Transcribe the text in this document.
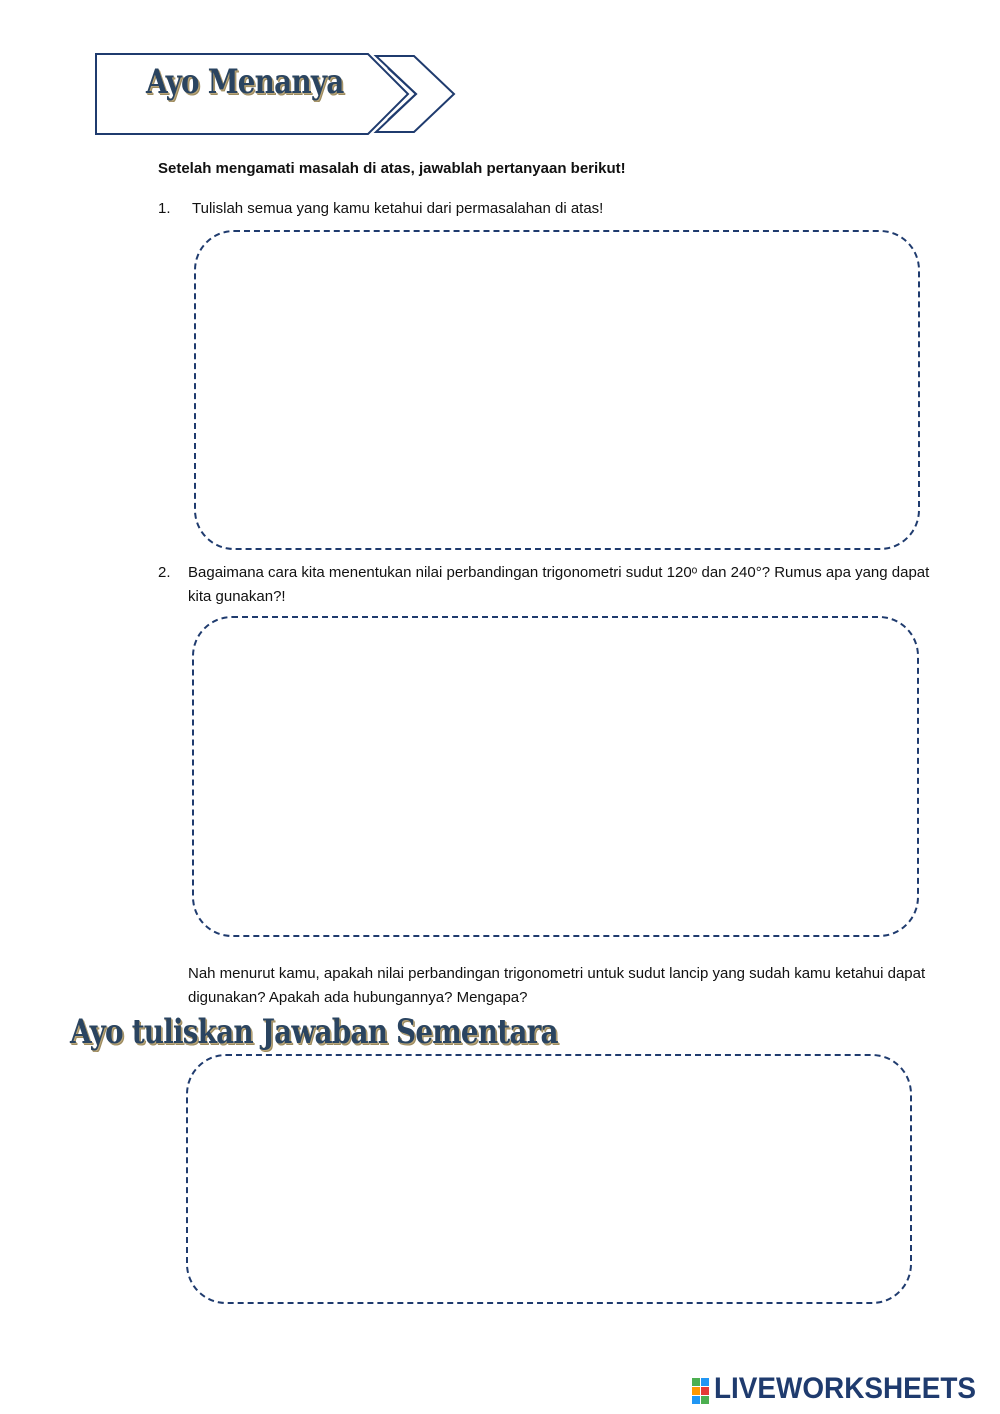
Ayo Menanya
Setelah mengamati masalah di atas, jawablah pertanyaan berikut!
1. Tulislah semua yang kamu ketahui dari permasalahan di atas!
2. Bagaimana cara kita menentukan nilai perbandingan trigonometri sudut 120ᵒ dan 240°? Rumus apa yang dapat kita gunakan?!
Nah menurut kamu, apakah nilai perbandingan trigonometri untuk sudut lancip yang sudah kamu ketahui dapat digunakan? Apakah ada hubungannya? Mengapa?
Ayo tuliskan Jawaban Sementara
LIVEWORKSHEETS
